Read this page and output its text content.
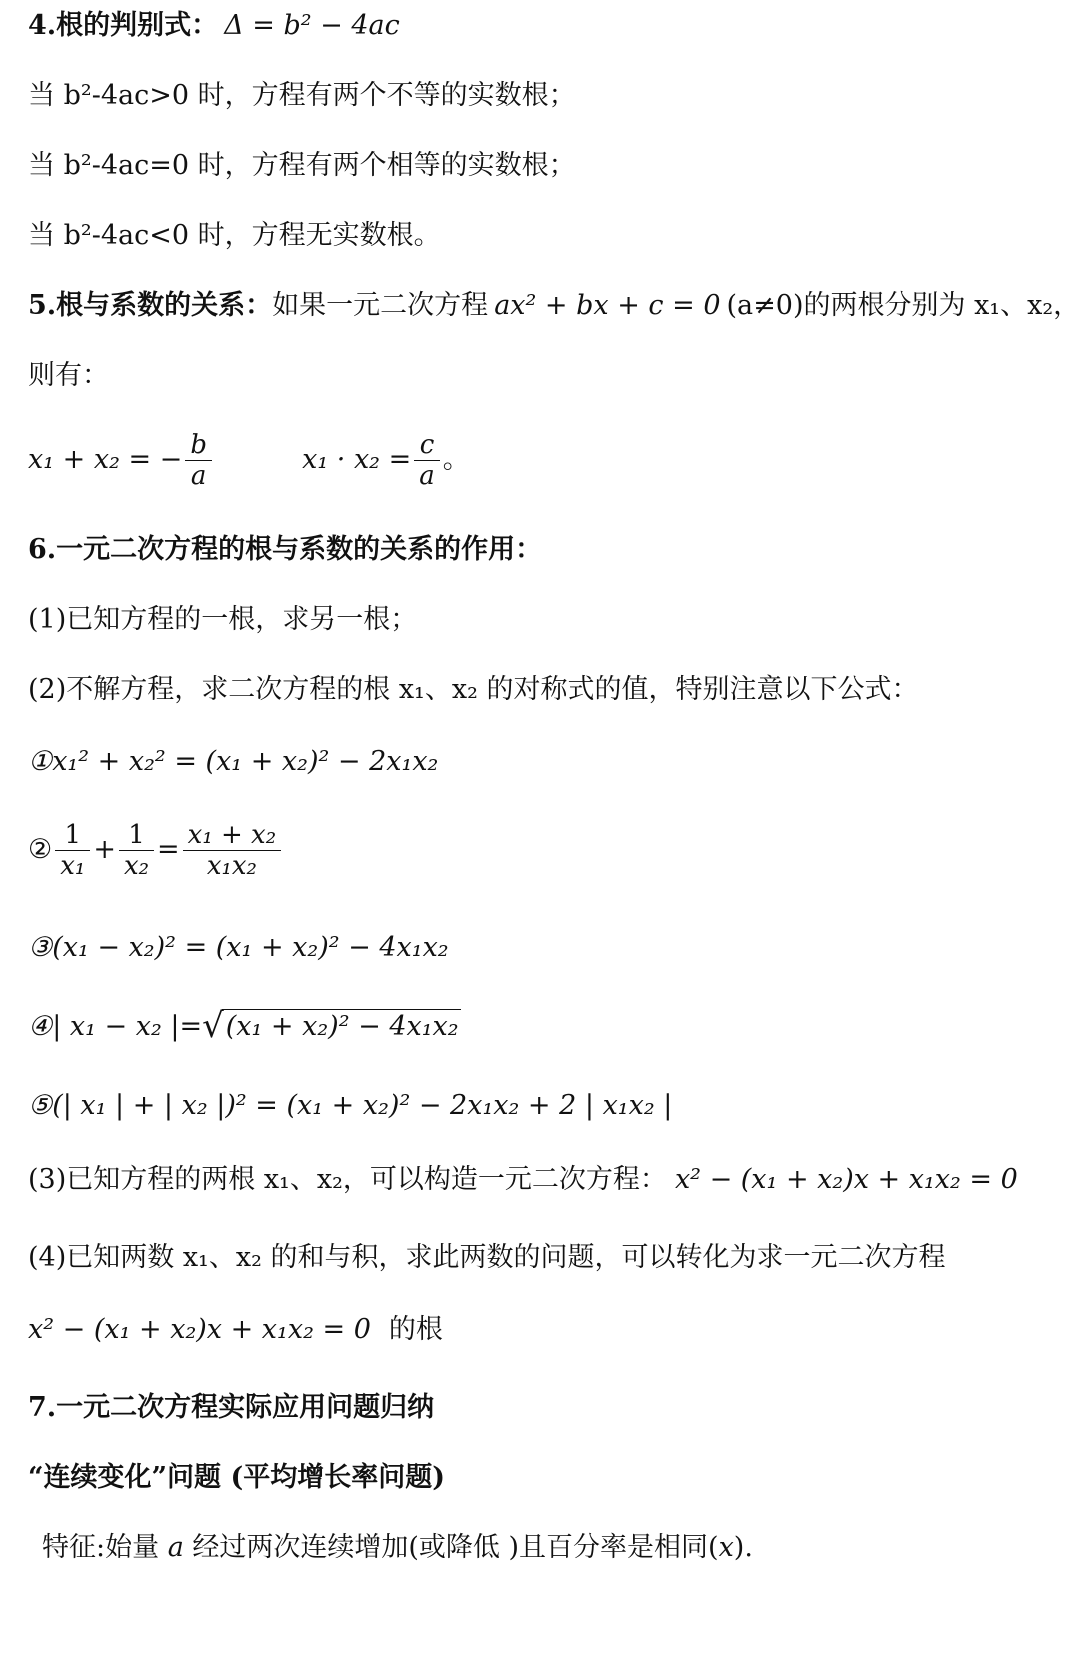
4.根的判别式： Δ = b² − 4ac
当 b²-4ac>0 时，方程有两个不等的实数根；
当 b²-4ac=0 时，方程有两个相等的实数根；
当 b²-4ac<0 时，方程无实数根。
5.根与系数的关系：如果一元二次方程 ax² + bx + c = 0 (a≠0)的两根分别为 x₁、x₂，
则有：
x₁ + x₂ = − $\frac{b}{a}$	$x_1 \cdot x_2 = \frac{c}{a}$ 。
6.一元二次方程的根与系数的关系的作用：
(1)已知方程的一根，求另一根；
(2)不解方程，求二次方程的根 x₁、x₂ 的对称式的值，特别注意以下公式：
①x₁² + x₂² = (x₁ + x₂)² − 2x₁x₂
② $\frac{1}{\text{x₁}} + \frac{1}{\text{x₂}} = \frac{\text{x₁ + x₂}}{\text{x₁x₂}}$
③(x₁ − x₂)² = (x₁ + x₂)² − 4x₁x₂
④| x₁ − x₂ |=√(x₁ + x₂)² − 4x₁x₂
⑤(| x₁ | + | x₂ |)² = (x₁ + x₂)² − 2x₁x₂ + 2 | x₁x₂ |
(3)已知方程的两根 x₁、x₂，可以构造一元二次方程： x² − (x₁ + x₂)x + x₁x₂ = 0
(4)已知两数 x₁、x₂ 的和与积，求此两数的问题，可以转化为求一元二次方程
x² − (x₁ + x₂)x + x₁x₂ = 0 的根
7.一元二次方程实际应用问题归纳
“连续变化”问题 (平均增长率问题)
特征:始量 a 经过两次连续增加(或降低 )且百分率是相同(x).
